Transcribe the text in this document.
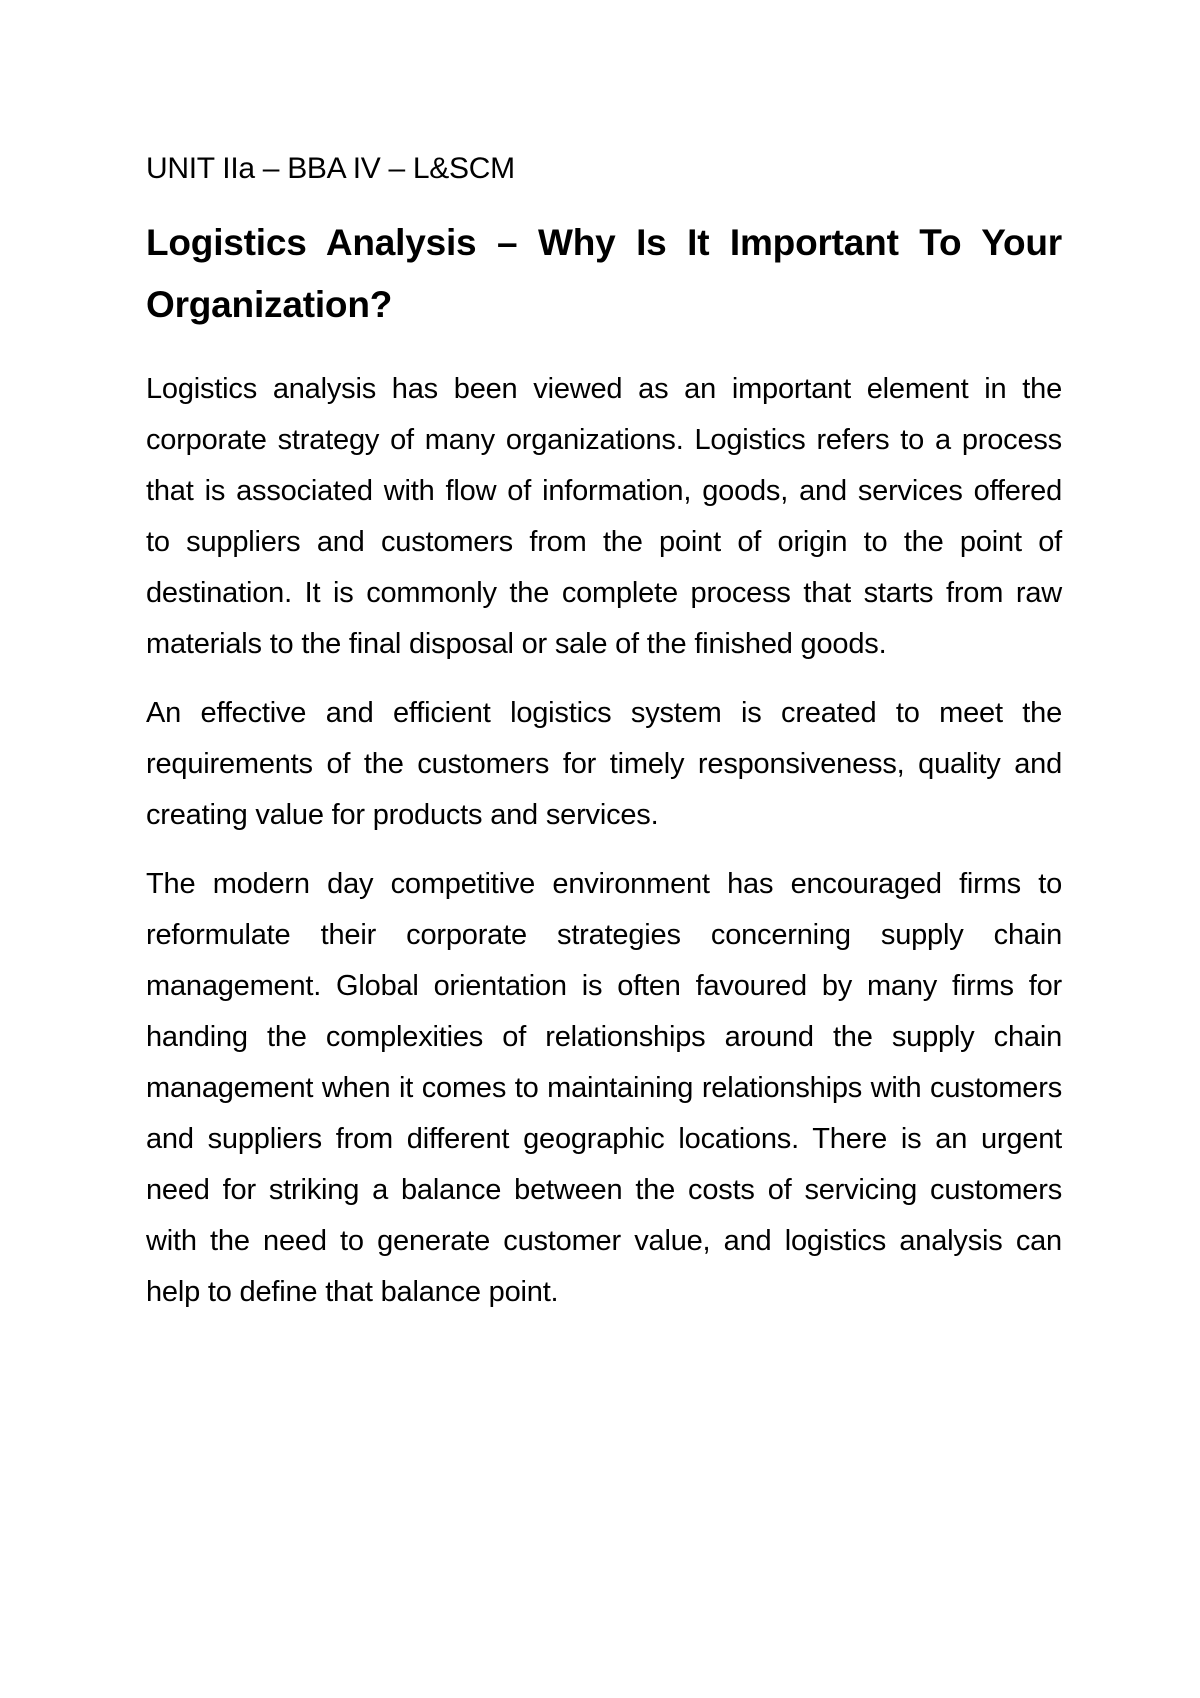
UNIT IIa – BBA IV – L&SCM
Logistics Analysis – Why Is It Important To Your Organization?

Logistics analysis has been viewed as an important element in the corporate strategy of many organizations. Logistics refers to a process that is associated with flow of information, goods, and services offered to suppliers and customers from the point of origin to the point of destination. It is commonly the complete process that starts from raw materials to the final disposal or sale of the finished goods.

An effective and efficient logistics system is created to meet the requirements of the customers for timely responsiveness, quality and creating value for products and services.

The modern day competitive environment has encouraged firms to reformulate their corporate strategies concerning supply chain management. Global orientation is often favoured by many firms for handing the complexities of relationships around the supply chain management when it comes to maintaining relationships with customers and suppliers from different geographic locations. There is an urgent need for striking a balance between the costs of servicing customers with the need to generate customer value, and logistics analysis can help to define that balance point.
